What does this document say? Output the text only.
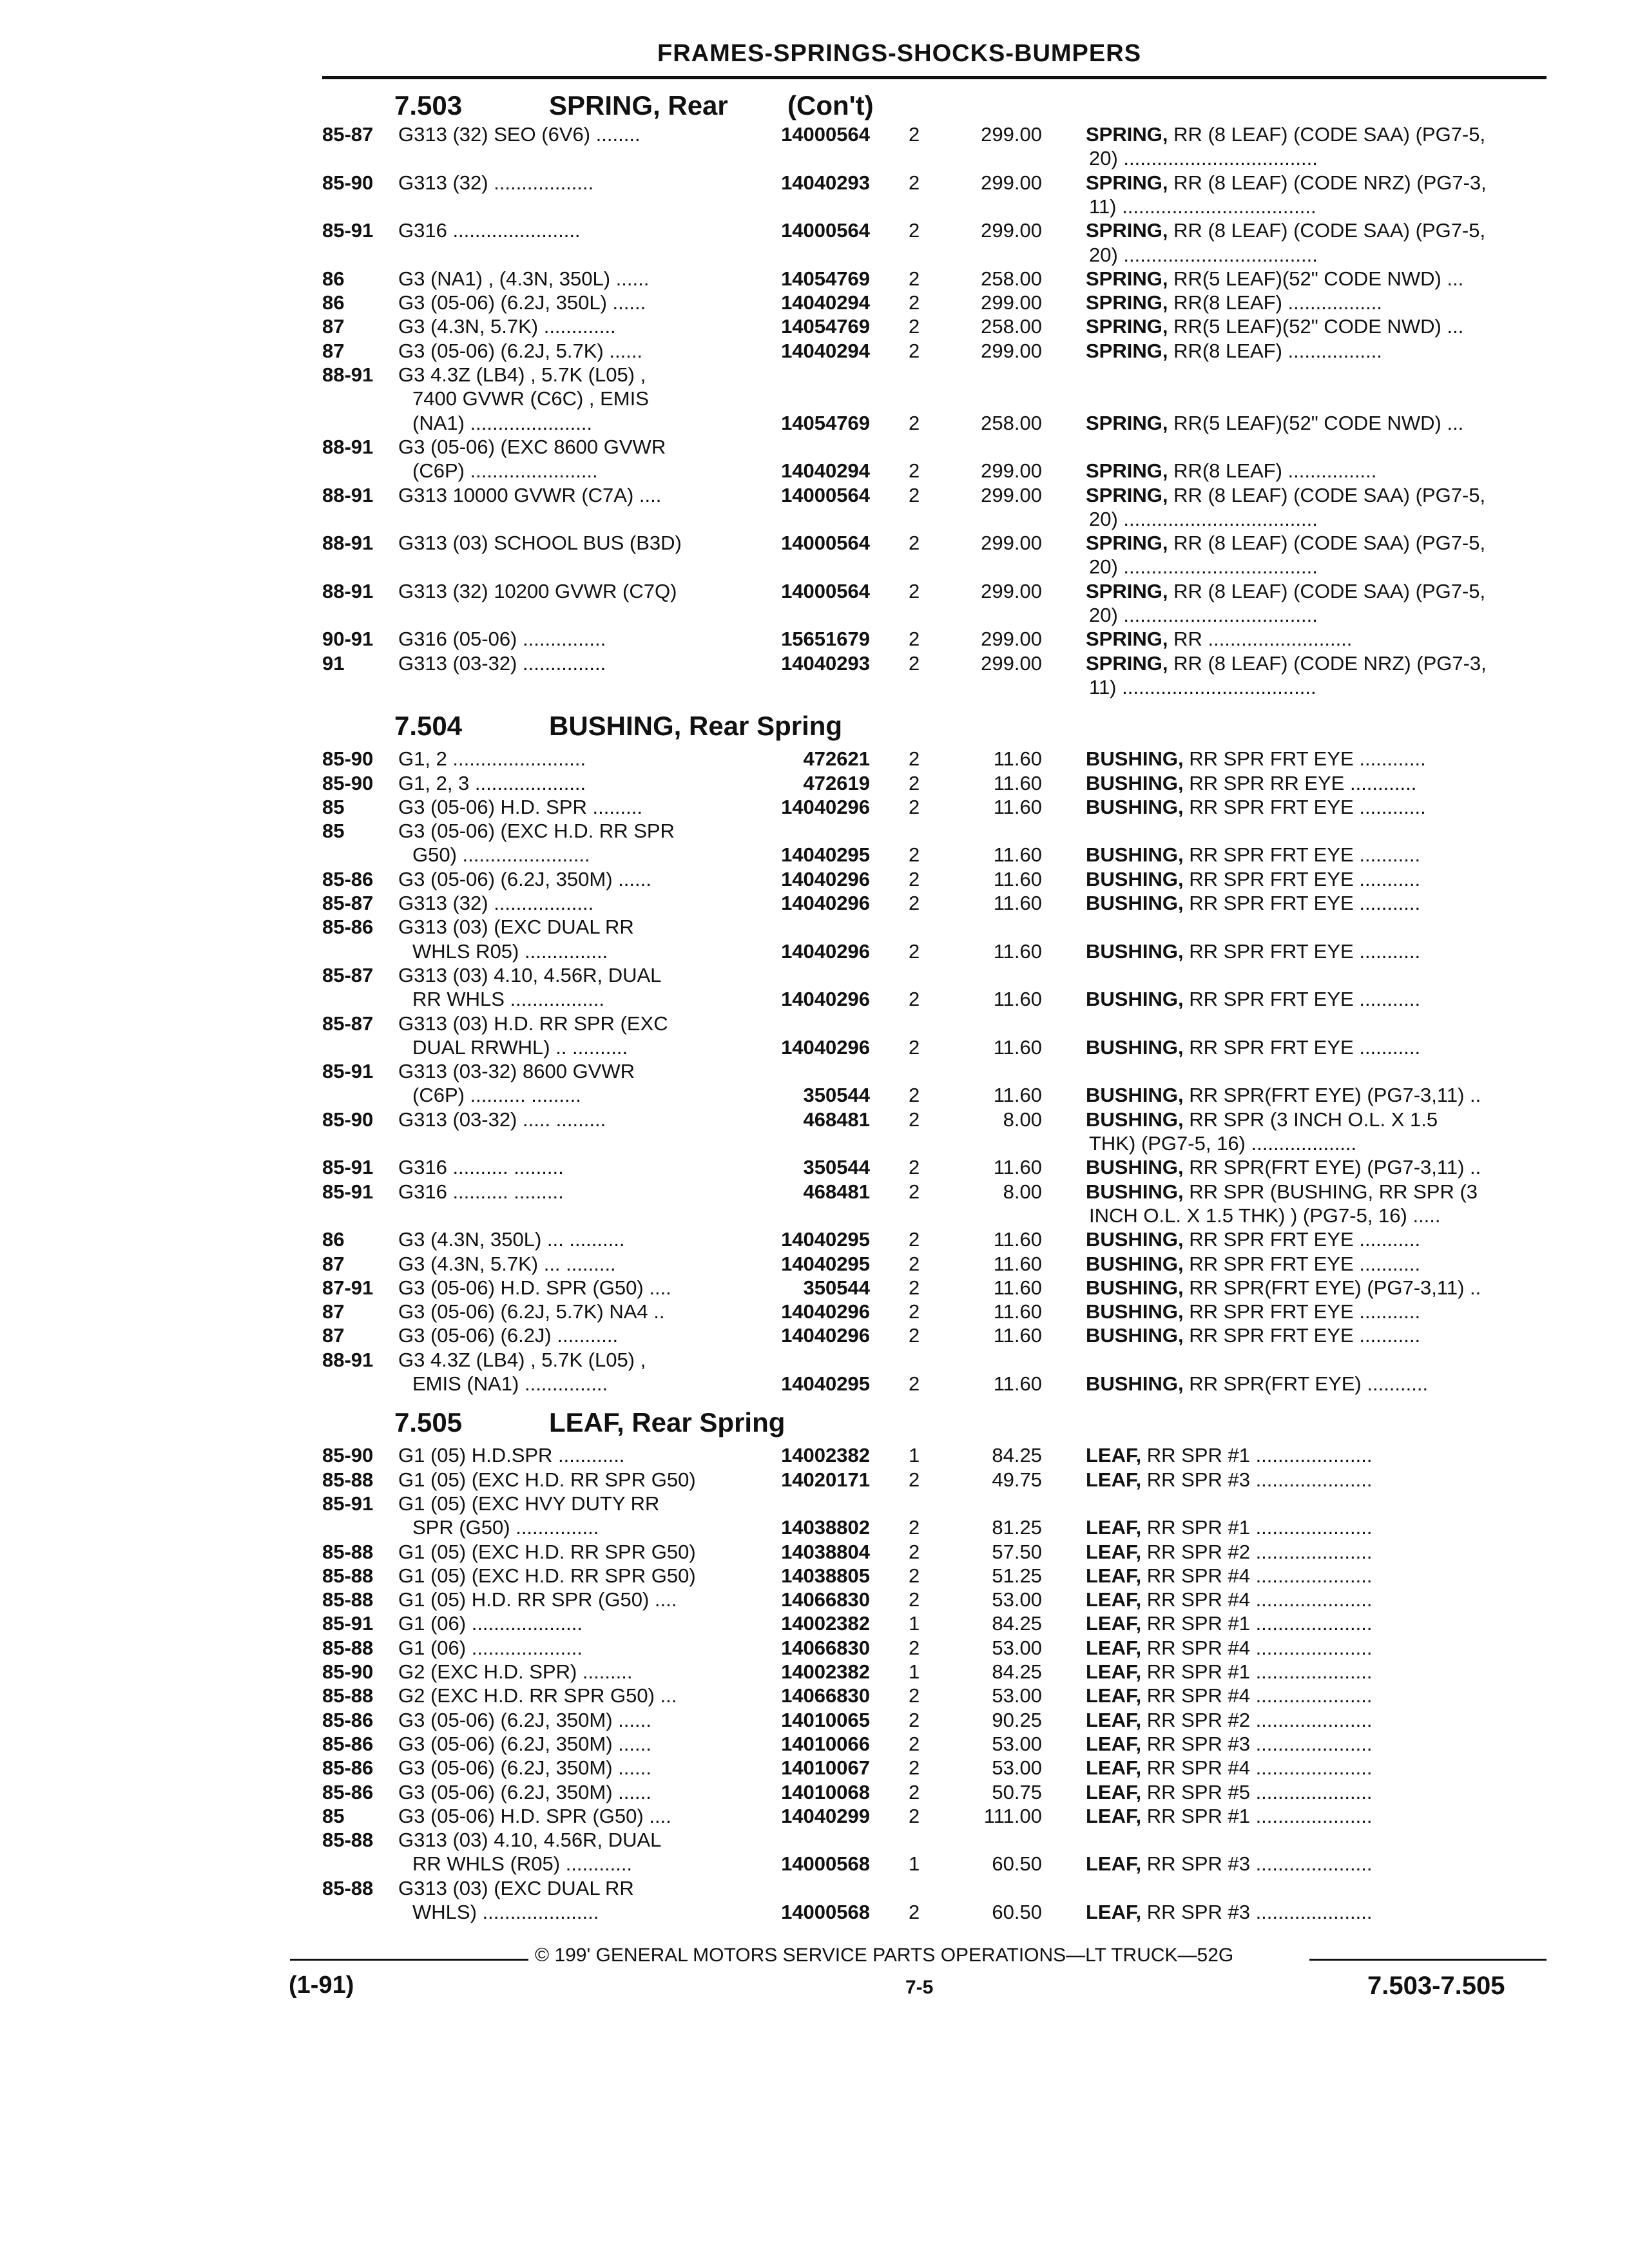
FRAMES-SPRINGS-SHOCKS-BUMPERS
85-87 G313 (32) SEO (6V6) ........	14000564 2	299.00 SPRING, RR (8 LEAF) (CODE SAA) (PG7-5,
20) ...................................
85-90 G313 (32) ..................	14040293 2	299.00 SPRING, RR (8 LEAF) (CODE NRZ) (PG7-3,
11) ...................................
85-91 G316 .......................	14000564 2	299.00 SPRING, RR (8 LEAF) (CODE SAA) (PG7-5,
20) ...................................
86	G3 (NA1) , (4.3N, 350L) ......	14054769 2	258.00 SPRING, RR(5 LEAF)(52" CODE NWD) ...
86	G3 (05-06) (6.2J, 350L) ......	14040294 2	299.00 SPRING, RR(8 LEAF) .................
87	G3 (4.3N, 5.7K) .............	14054769 2	258.00 SPRING, RR(5 LEAF)(52" CODE NWD) ...
87	G3 (05-06) (6.2J, 5.7K) ......	14040294 2	299.00 SPRING, RR(8 LEAF) .................
88-91 G3 4.3Z (LB4) , 5.7K (L05) ,
7400 GVWR (C6C) , EMIS
(NA1) ......................	14054769 2	258.00 SPRING, RR(5 LEAF)(52" CODE NWD) ...
88-91 G3 (05-06) (EXC 8600 GVWR
(C6P) .......................	14040294 2	299.00 SPRING, RR(8 LEAF) ................
88-91 G313 10000 GVWR (C7A) ....	14000564 2	299.00 SPRING, RR (8 LEAF) (CODE SAA) (PG7-5,
20) ...................................
88-91 G313 (03) SCHOOL BUS (B3D)	14000564 2	299.00 SPRING, RR (8 LEAF) (CODE SAA) (PG7-5,
20) ...................................
88-91 G313 (32) 10200 GVWR (C7Q)	14000564 2	299.00 SPRING, RR (8 LEAF) (CODE SAA) (PG7-5,
20) ...................................
90-91 G316 (05-06) ...............	15651679 2	299.00 SPRING, RR ..........................
91	G313 (03-32) ...............	14040293 2	299.00 SPRING, RR (8 LEAF) (CODE NRZ) (PG7-3,
11) ...................................
7.504	BUSHING, Rear Spring
85-90 G1, 2 ........................	472621 2	11.60 BUSHING, RR SPR FRT EYE ............
85-90 G1, 2, 3 ....................	472619 2	11.60 BUSHING, RR SPR RR EYE ............
85	G3 (05-06) H.D. SPR .........	14040296 2	11.60 BUSHING, RR SPR FRT EYE ............
85	G3 (05-06) (EXC H.D. RR SPR
G50) .......................	14040295 2	11.60 BUSHING, RR SPR FRT EYE ...........
85-86 G3 (05-06) (6.2J, 350M) ......	14040296 2	11.60 BUSHING, RR SPR FRT EYE ...........
85-87 G313 (32) ..................	14040296 2	11.60 BUSHING, RR SPR FRT EYE ...........
85-86 G313 (03) (EXC DUAL RR
WHLS R05) ...............	14040296 2	11.60 BUSHING, RR SPR FRT EYE ...........
85-87 G313 (03) 4.10, 4.56R, DUAL
RR WHLS .................	14040296 2	11.60 BUSHING, RR SPR FRT EYE ...........
85-87 G313 (03) H.D. RR SPR (EXC
DUAL RRWHL) .. ..........	14040296 2	11.60 BUSHING, RR SPR FRT EYE ...........
85-91 G313 (03-32) 8600 GVWR
(C6P) .......... .........	350544 2	11.60 BUSHING, RR SPR(FRT EYE) (PG7-3,11) ..
85-90 G313 (03-32) ..... .........	468481 2	8.00 BUSHING, RR SPR (3 INCH O.L. X 1.5
THK) (PG7-5, 16) ...................
85-91 G316 .......... .........	350544 2	11.60 BUSHING, RR SPR(FRT EYE) (PG7-3,11) ..
85-91 G316 .......... .........	468481 2	8.00 BUSHING, RR SPR (BUSHING, RR SPR (3
INCH O.L. X 1.5 THK) ) (PG7-5, 16) .....
86	G3 (4.3N, 350L) ... ..........	14040295 2	11.60 BUSHING, RR SPR FRT EYE ...........
87	G3 (4.3N, 5.7K) ... .........	14040295 2	11.60 BUSHING, RR SPR FRT EYE ...........
87-91 G3 (05-06) H.D. SPR (G50) ....	350544 2	11.60 BUSHING, RR SPR(FRT EYE) (PG7-3,11) ..
87	G3 (05-06) (6.2J, 5.7K) NA4 ..	14040296 2	11.60 BUSHING, RR SPR FRT EYE ...........
87	G3 (05-06) (6.2J) ...........	14040296 2	11.60 BUSHING, RR SPR FRT EYE ...........
88-91 G3 4.3Z (LB4) , 5.7K (L05) ,
EMIS (NA1) ...............	14040295 2	11.60 BUSHING, RR SPR(FRT EYE) ...........
7.505	LEAF, Rear Spring
85-90 G1 (05) H.D.SPR ............	14002382 1	84.25 LEAF, RR SPR #1 .....................
85-88 G1 (05) (EXC H.D. RR SPR G50)	14020171 2	49.75 LEAF, RR SPR #3 .....................
85-91 G1 (05) (EXC HVY DUTY RR
SPR (G50) ...............	14038802 2	81.25 LEAF, RR SPR #1 .....................
85-88 G1 (05) (EXC H.D. RR SPR G50)	14038804 2	57.50 LEAF, RR SPR #2 .....................
85-88 G1 (05) (EXC H.D. RR SPR G50)	14038805 2	51.25 LEAF, RR SPR #4 .....................
85-88 G1 (05) H.D. RR SPR (G50) ....	14066830 2	53.00 LEAF, RR SPR #4 .....................
85-91 G1 (06) ....................	14002382 1	84.25 LEAF, RR SPR #1 .....................
85-88 G1 (06) ....................	14066830 2	53.00 LEAF, RR SPR #4 .....................
85-90 G2 (EXC H.D. SPR) .........	14002382 1	84.25 LEAF, RR SPR #1 .....................
85-88 G2 (EXC H.D. RR SPR G50) ...	14066830 2	53.00 LEAF, RR SPR #4 .....................
85-86 G3 (05-06) (6.2J, 350M) ......	14010065 2	90.25 LEAF, RR SPR #2 .....................
85-86 G3 (05-06) (6.2J, 350M) ......	14010066 2	53.00 LEAF, RR SPR #3 .....................
85-86 G3 (05-06) (6.2J, 350M) ......	14010067 2	53.00 LEAF, RR SPR #4 .....................
85-86 G3 (05-06) (6.2J, 350M) ......	14010068 2	50.75 LEAF, RR SPR #5 .....................
85	G3 (05-06) H.D. SPR (G50) ....	14040299 2	111.00 LEAF, RR SPR #1 .....................
85-88 G313 (03) 4.10, 4.56R, DUAL
RR WHLS (R05) ............	14000568 1	60.50 LEAF, RR SPR #3 .....................
85-88 G313 (03) (EXC DUAL RR
WHLS) .....................	14000568 2	60.50 LEAF, RR SPR #3 .....................
7.503	SPRING, Rear (Con't)
© 199' GENERAL MOTORS SERVICE PARTS OPERATIONS—LT TRUCK—52G
(1-91)	7-5	7.503-7.505
